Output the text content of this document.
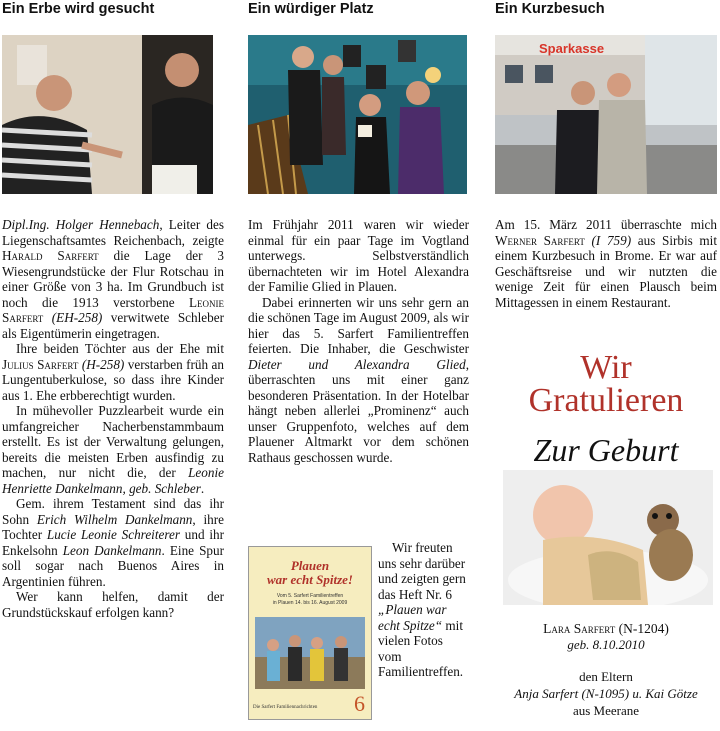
Ein Erbe wird gesucht

Dipl.Ing. Holger Hennebach, Leiter des Liegenschaftsamtes Reichenbach, zeigte Harald Sarfert die Lage der 3 Wiesengrundstücke der Flur Rotschau in einer Größe von 3 ha. Im Grundbuch ist noch die 1913 verstorbene Leonie Sarfert (EH-258) verwitwete Schleber als Eigentümerin eingetragen.

Ihre beiden Töchter aus der Ehe mit Julius Sarfert (H-258) verstarben früh an Lungentuberkulose, so dass ihre Kinder aus 1. Ehe erbberechtigt wurden.

In mühevoller Puzzlearbeit wurde ein umfangreicher Nacherbenstammbaum erstellt. Es ist der Verwaltung gelungen, bereits die meisten Erben ausfindig zu machen, nur nicht die, der Leonie Henriette Dankelmann, geb. Schleber.

Gem. ihrem Testament sind das ihr Sohn Erich Wilhelm Dankelmann, ihre Tochter Lucie Leonie Schreiterer und ihr Enkelsohn Leon Dankelmann. Eine Spur soll sogar nach Buenos Aires in Argentinien führen.

Wer kann helfen, damit der Grundstückskauf erfolgen kann?

Ein würdiger Platz

Im Frühjahr 2011 waren wir wieder einmal für ein paar Tage im Vogtland unterwegs. Selbstverständlich übernachteten wir im Hotel Alexandra der Familie Glied in Plauen.

Dabei erinnerten wir uns sehr gern an die schönen Tage im August 2009, als wir hier das 5. Sarfert Familientreffen feierten. Die Inhaber, die Geschwister Dieter und Alexandra Glied, überraschten uns mit einer ganz besonderen Präsentation. In der Hotelbar hängt neben allerlei „Prominenz“ auch unser Gruppenfoto, welches auf dem Plauener Altmarkt vor dem schönen Rathaus geschossen wurde.

Plauen
war echt Spitze!
Vom 5. Sarfert Familientreffen
in Plauen 14. bis 16. August 2009
Die Sarfert Familiennachrichten 6

Wir freuten uns sehr darüber und zeigten gern das Heft Nr. 6 „Plauen war echt Spitze“ mit vielen Fotos vom Familientreffen.

Ein Kurzbesuch
Sparkasse

Am 15. März 2011 überraschte mich Werner Sarfert (I 759) aus Sirbis mit einem Kurzbesuch in Brome. Er war auf Geschäftsreise und wir nutzten die wenige Zeit für einen Plausch beim Mittagessen in einem Restaurant.

Wir
Gratulieren
Zur Geburt
Lara Sarfert (N-1204)
geb. 8.10.2010
den Eltern
Anja Sarfert (N-1095) u. Kai Götze
aus Meerane
